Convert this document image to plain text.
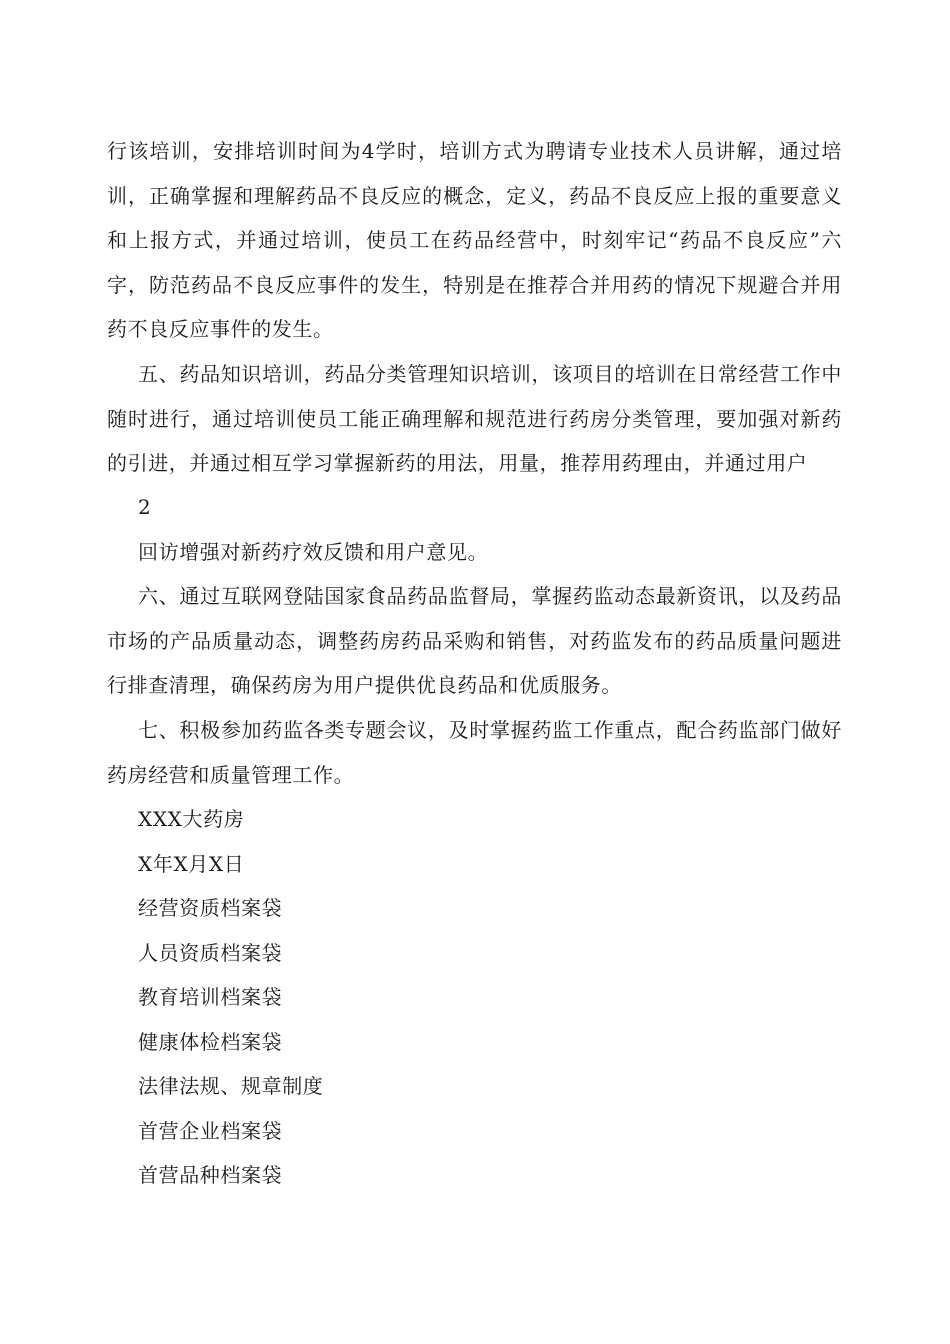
行该培训，安排培训时间为4学时，培训方式为聘请专业技术人员讲解，通过培训，正确掌握和理解药品不良反应的概念，定义，药品不良反应上报的重要意义和上报方式，并通过培训，使员工在药品经营中，时刻牢记“药品不良反应”六字，防范药品不良反应事件的发生，特别是在推荐合并用药的情况下规避合并用药不良反应事件的发生。

五、药品知识培训，药品分类管理知识培训，该项目的培训在日常经营工作中随时进行，通过培训使员工能正确理解和规范进行药房分类管理，要加强对新药的引进，并通过相互学习掌握新药的用法，用量，推荐用药理由，并通过用户

2

回访增强对新药疗效反馈和用户意见。

六、通过互联网登陆国家食品药品监督局，掌握药监动态最新资讯，以及药品市场的产品质量动态，调整药房药品采购和销售，对药监发布的药品质量问题进行排查清理，确保药房为用户提供优良药品和优质服务。

七、积极参加药监各类专题会议，及时掌握药监工作重点，配合药监部门做好药房经营和质量管理工作。

XXX大药房

X年X月X日

经营资质档案袋

人员资质档案袋

教育培训档案袋

健康体检档案袋

法律法规、规章制度

首营企业档案袋

首营品种档案袋
